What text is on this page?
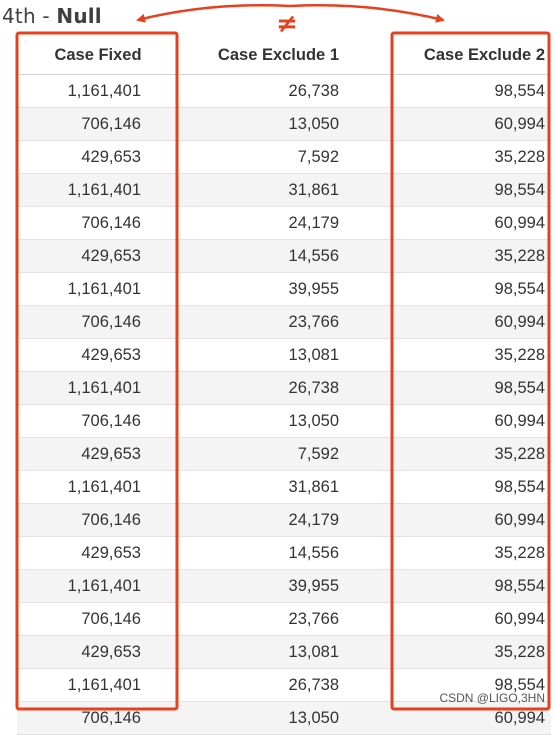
4th - Null
Case Fixed	Case Exclude 1	Case Exclude 2
1,161,401	26,738	98,554
706,146	13,050	60,994
429,653	7,592	35,228
1,161,401	31,861	98,554
706,146	24,179	60,994
429,653	14,556	35,228
1,161,401	39,955	98,554
706,146	23,766	60,994
429,653	13,081	35,228
1,161,401	26,738	98,554
706,146	13,050	60,994
429,653	7,592	35,228
1,161,401	31,861	98,554
706,146	24,179	60,994
429,653	14,556	35,228
1,161,401	39,955	98,554
706,146	23,766	60,994
429,653	13,081	35,228
1,161,401	26,738	98,554
706,146	13,050	60,994
≠
CSDN @LIGO,3HN
